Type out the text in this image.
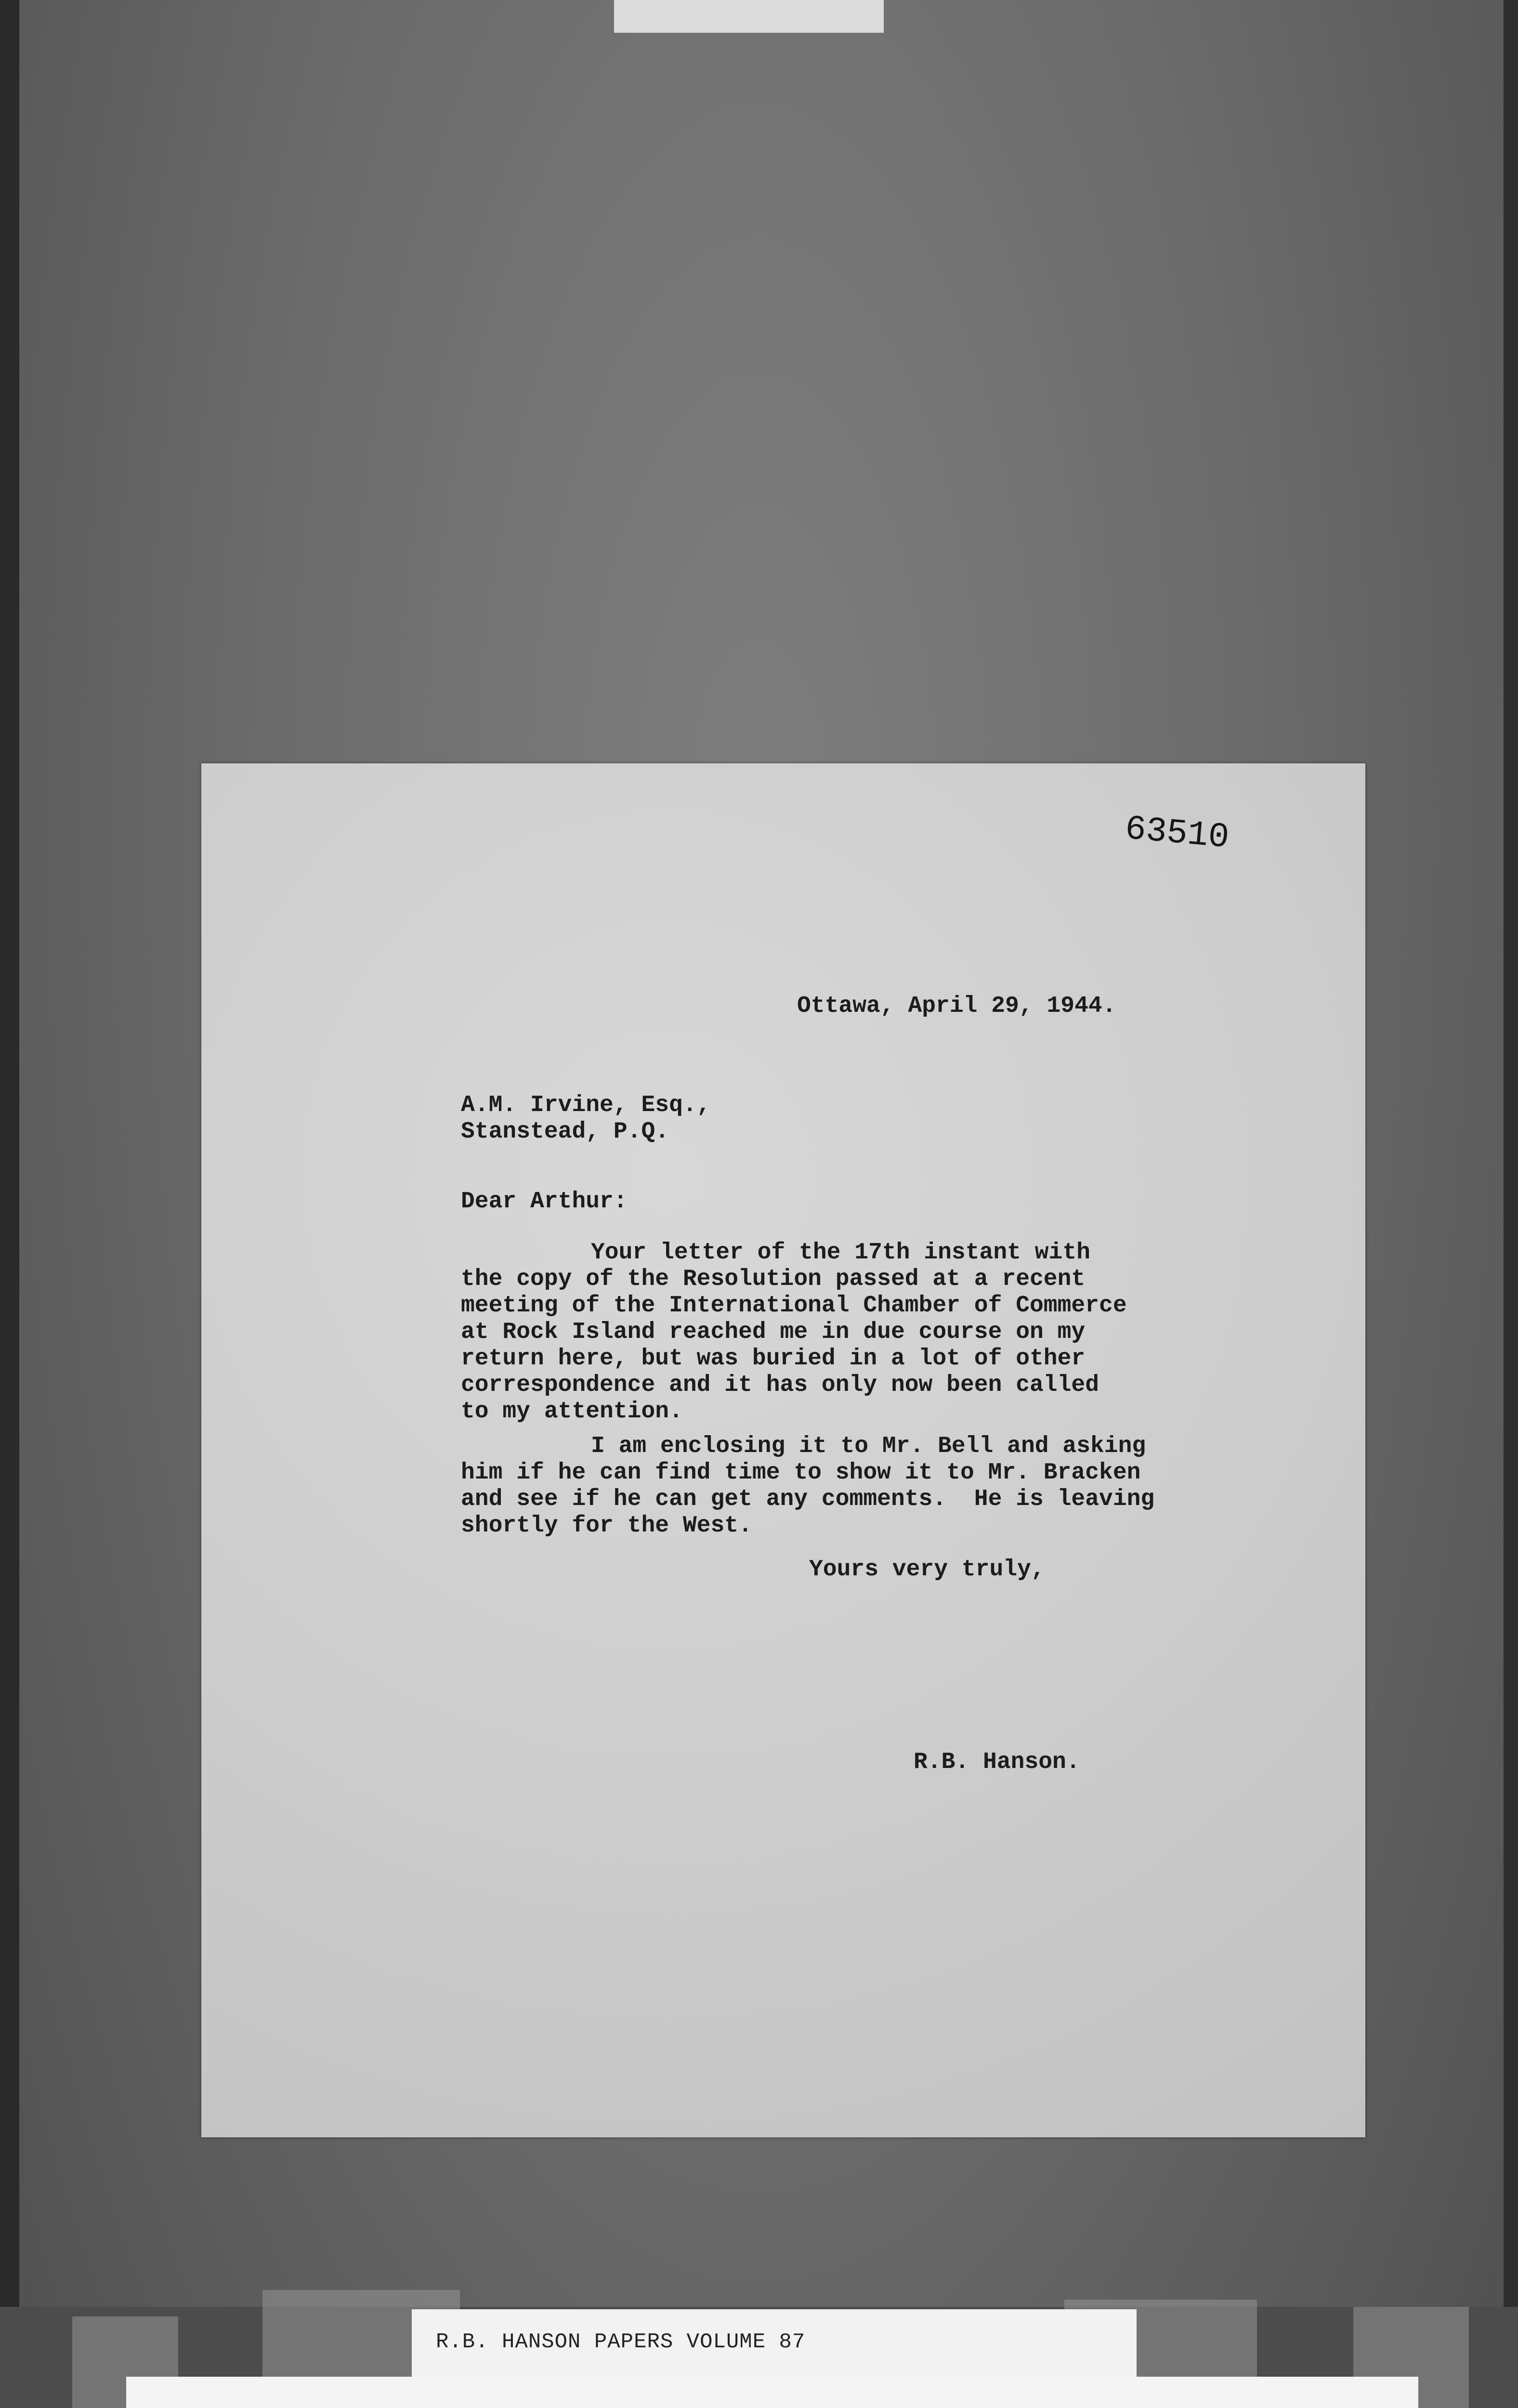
63510

Ottawa, April 29, 1944.

A.M. Irvine, Esq.,

Stanstead, P.Q.

Dear Arthur:

Your letter of the 17th instant with

the copy of the Resolution passed at a recent

meeting of the International Chamber of Commerce

at Rock Island reached me in due course on my

return here, but was buried in a lot of other

correspondence and it has only now been called

to my attention.

I am enclosing it to Mr. Bell and asking

him if he can find time to show it to Mr. Bracken

and see if he can get any comments.  He is leaving

shortly for the West.

Yours very truly,

R.B. Hanson.

R.B. HANSON PAPERS VOLUME 87
